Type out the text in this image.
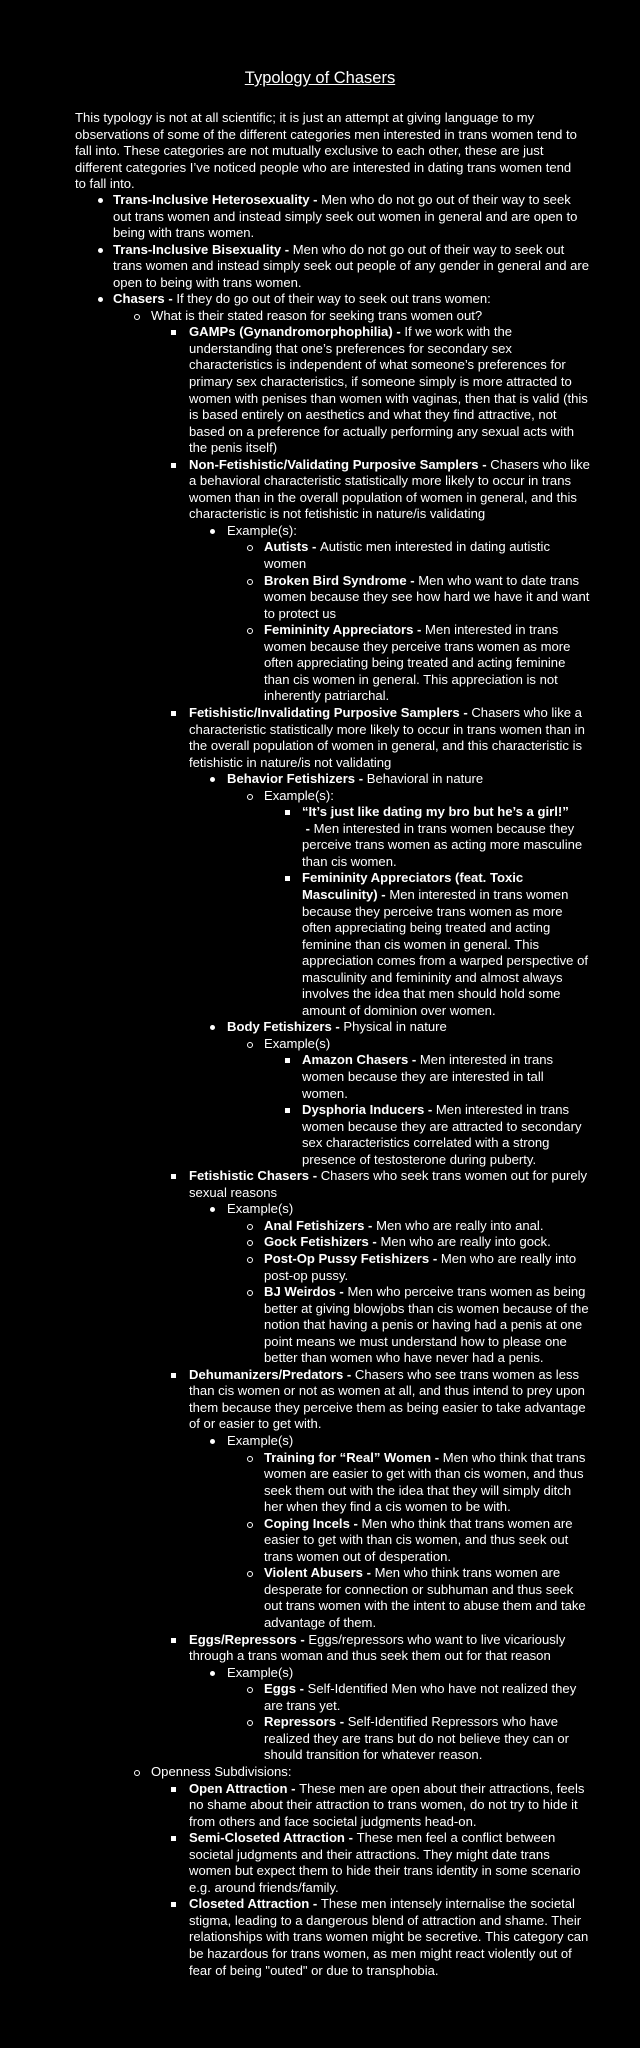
Typology of Chasers
This typology is not at all scientific; it is just an attempt at giving language to my observations of some of the different categories men interested in trans women tend to fall into. These categories are not mutually exclusive to each other, these are just different categories I’ve noticed people who are interested in dating trans women tend to fall into.
Trans-Inclusive Heterosexuality - Men who do not go out of their way to seek out trans women and instead simply seek out women in general and are open to being with trans women.
Trans-Inclusive Bisexuality - Men who do not go out of their way to seek out trans women and instead simply seek out people of any gender in general and are open to being with trans women.
Chasers - If they do go out of their way to seek out trans women:
What is their stated reason for seeking trans women out?
GAMPs (Gynandromorphophilia) - If we work with the understanding that one’s preferences for secondary sex characteristics is independent of what someone’s preferences for primary sex characteristics, if someone simply is more attracted to women with penises than women with vaginas, then that is valid (this is based entirely on aesthetics and what they find attractive, not based on a preference for actually performing any sexual acts with the penis itself)
Non-Fetishistic/Validating Purposive Samplers - Chasers who like a behavioral characteristic statistically more likely to occur in trans women than in the overall population of women in general, and this characteristic is not fetishistic in nature/is validating
Example(s):
Autists - Autistic men interested in dating autistic women
Broken Bird Syndrome - Men who want to date trans women because they see how hard we have it and want to protect us
Femininity Appreciators - Men interested in trans women because they perceive trans women as more often appreciating being treated and acting feminine than cis women in general. This appreciation is not inherently patriarchal.
Fetishistic/Invalidating Purposive Samplers - Chasers who like a characteristic statistically more likely to occur in trans women than in the overall population of women in general, and this characteristic is fetishistic in nature/is not validating
Behavior Fetishizers - Behavioral in nature
Example(s):
“It’s just like dating my bro but he’s a girl!” - Men interested in trans women because they perceive trans women as acting more masculine than cis women.
Femininity Appreciators (feat. Toxic Masculinity) - Men interested in trans women because they perceive trans women as more often appreciating being treated and acting feminine than cis women in general. This appreciation comes from a warped perspective of masculinity and femininity and almost always involves the idea that men should hold some amount of dominion over women.
Body Fetishizers - Physical in nature
Example(s)
Amazon Chasers - Men interested in trans women because they are interested in tall women.
Dysphoria Inducers - Men interested in trans women because they are attracted to secondary sex characteristics correlated with a strong presence of testosterone during puberty.
Fetishistic Chasers - Chasers who seek trans women out for purely sexual reasons
Example(s)
Anal Fetishizers - Men who are really into anal.
Gock Fetishizers - Men who are really into gock.
Post-Op Pussy Fetishizers - Men who are really into post-op pussy.
BJ Weirdos - Men who perceive trans women as being better at giving blowjobs than cis women because of the notion that having a penis or having had a penis at one point means we must understand how to please one better than women who have never had a penis.
Dehumanizers/Predators - Chasers who see trans women as less than cis women or not as women at all, and thus intend to prey upon them because they perceive them as being easier to take advantage of or easier to get with.
Example(s)
Training for “Real” Women - Men who think that trans women are easier to get with than cis women, and thus seek them out with the idea that they will simply ditch her when they find a cis women to be with.
Coping Incels - Men who think that trans women are easier to get with than cis women, and thus seek out trans women out of desperation.
Violent Abusers - Men who think trans women are desperate for connection or subhuman and thus seek out trans women with the intent to abuse them and take advantage of them.
Eggs/Repressors - Eggs/repressors who want to live vicariously through a trans woman and thus seek them out for that reason
Example(s)
Eggs - Self-Identified Men who have not realized they are trans yet.
Repressors - Self-Identified Repressors who have realized they are trans but do not believe they can or should transition for whatever reason.
Openness Subdivisions:
Open Attraction - These men are open about their attractions, feels no shame about their attraction to trans women, do not try to hide it from others and face societal judgments head-on.
Semi-Closeted Attraction - These men feel a conflict between societal judgments and their attractions. They might date trans women but expect them to hide their trans identity in some scenario e.g. around friends/family.
Closeted Attraction - These men intensely internalise the societal stigma, leading to a dangerous blend of attraction and shame. Their relationships with trans women might be secretive. This category can be hazardous for trans women, as men might react violently out of fear of being "outed" or due to transphobia.
